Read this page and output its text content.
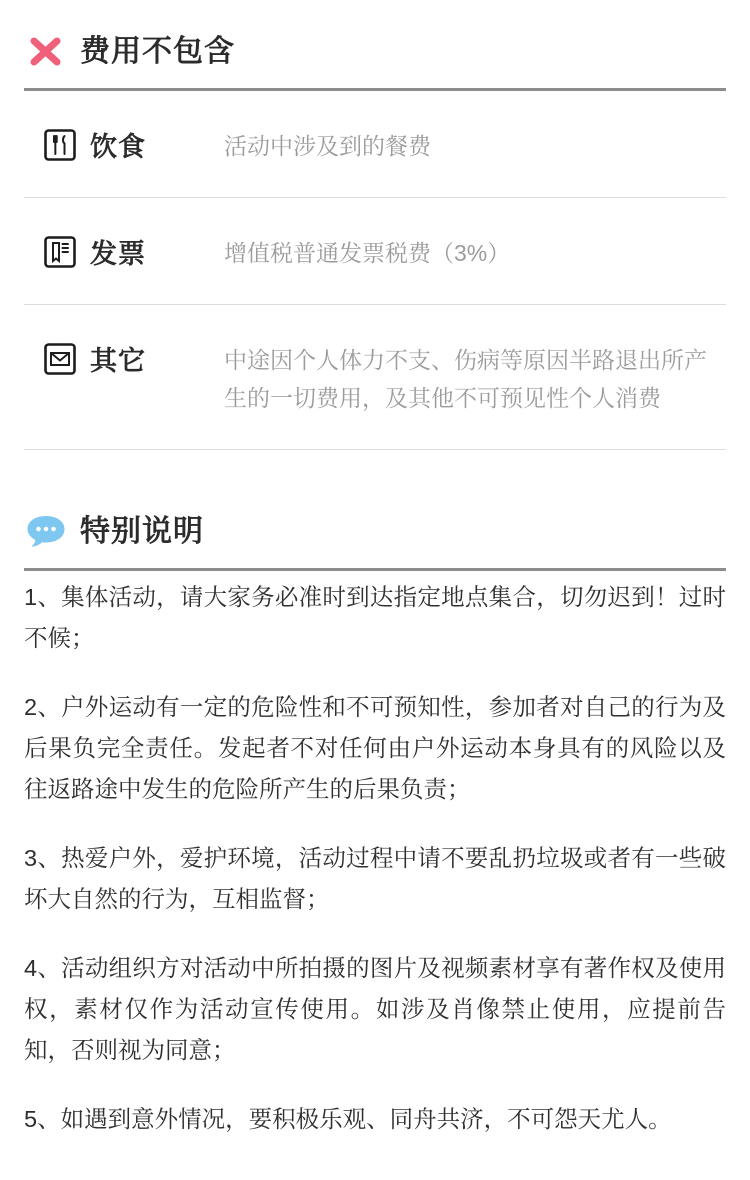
费用不包含
饮食	活动中涉及到的餐费
发票	增值税普通发票税费（3%）
其它	中途因个人体力不支、伤病等原因半路退出所产生的一切费用，及其他不可预见性个人消费
特别说明

1、集体活动，请大家务必准时到达指定地点集合，切勿迟到！过时不候；

2、户外运动有一定的危险性和不可预知性，参加者对自己的行为及后果负完全责任。发起者不对任何由户外运动本身具有的风险以及往返路途中发生的危险所产生的后果负责；

3、热爱户外，爱护环境，活动过程中请不要乱扔垃圾或者有一些破坏大自然的行为，互相监督；

4、活动组织方对活动中所拍摄的图片及视频素材享有著作权及使用权，素材仅作为活动宣传使用。如涉及肖像禁止使用，应提前告知，否则视为同意；

5、如遇到意外情况，要积极乐观、同舟共济，不可怨天尤人。
